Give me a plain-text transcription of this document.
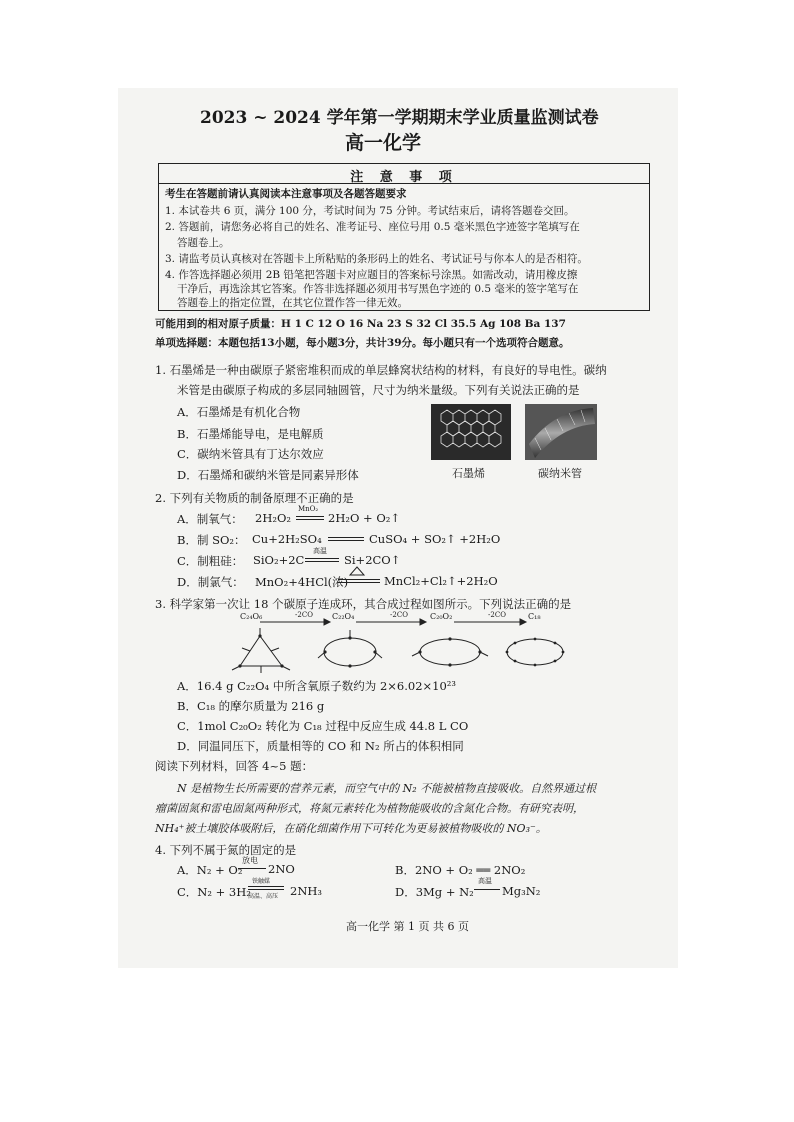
2023 ~ 2024 学年第一学期期末学业质量监测试卷
高一化学
注 意 事 项
考生在答题前请认真阅读本注意事项及各题答题要求
1. 本试卷共 6 页，满分 100 分，考试时间为 75 分钟。考试结束后，请将答题卷交回。
2. 答题前，请您务必将自己的姓名、准考证号、座位号用 0.5 毫米黑色字迹签字笔填写在
答题卷上。
3. 请监考员认真核对在答题卡上所粘贴的条形码上的姓名、考试证号与你本人的是否相符。
4. 作答选择题必须用 2B 铅笔把答题卡对应题目的答案标号涂黑。如需改动，请用橡皮擦
干净后，再选涂其它答案。作答非选择题必须用书写黑色字迹的 0.5 毫米的签字笔写在
答题卷上的指定位置，在其它位置作答一律无效。
可能用到的相对原子质量：H 1 C 12 O 16 Na 23 S 32 Cl 35.5 Ag 108 Ba 137
单项选择题：本题包括13小题，每小题3分，共计39分。每小题只有一个选项符合题意。
1. 石墨烯是一种由碳原子紧密堆积而成的单层蜂窝状结构的材料，有良好的导电性。碳纳
米管是由碳原子构成的多层同轴圆管，尺寸为纳米量级。下列有关说法正确的是
A．石墨烯是有机化合物
B．石墨烯能导电，是电解质
C．碳纳米管具有丁达尔效应
D．石墨烯和碳纳米管是同素异形体	石墨烯	碳纳米管
2. 下列有关物质的制备原理不正确的是
A．制氧气： 2H₂O₂
MnO₂
2H₂O + O₂↑
B．制 SO₂： Cu+2H₂SO₄	CuSO₄ + SO₂↑ +2H₂O
C．制粗硅： SiO₂+2C
高温
Si+2CO↑
D．制氯气： MnO₂+4HCl(浓)	MnCl₂+Cl₂↑+2H₂O
3. 科学家第一次让 18 个碳原子连成环，其合成过程如图所示。下列说法正确的是
C₂₄O₆	C₂₂O₄	C₂₀O₂	C₁₈
-2CO	-2CO	-2CO
A．16.4 g C₂₂O₄ 中所含氧原子数约为 2×6.02×10²³
B．C₁₈ 的摩尔质量为 216 g
C．1mol C₂₀O₂ 转化为 C₁₈ 过程中反应生成 44.8 L CO
D．同温同压下，质量相等的 CO 和 N₂ 所占的体积相同
阅读下列材料，回答 4~5 题：
N 是植物生长所需要的营养元素，而空气中的 N₂ 不能被植物直接吸收。自然界通过根
瘤菌固氮和雷电固氮两种形式，将氮元素转化为植物能吸收的含氮化合物。有研究表明，
NH₄⁺被土壤胶体吸附后，在硝化细菌作用下可转化为更易被植物吸收的 NO₃⁻。
4. 下列不属于氮的固定的是
A．N₂ + O₂
放电
2NO	B．2NO + O₂ ══ 2NO₂
C．N₂ + 3H₂
铁触媒
高温、高压 2NH₃	D．3Mg + N₂
高温
Mg₃N₂
高一化学 第 1 页 共 6 页
